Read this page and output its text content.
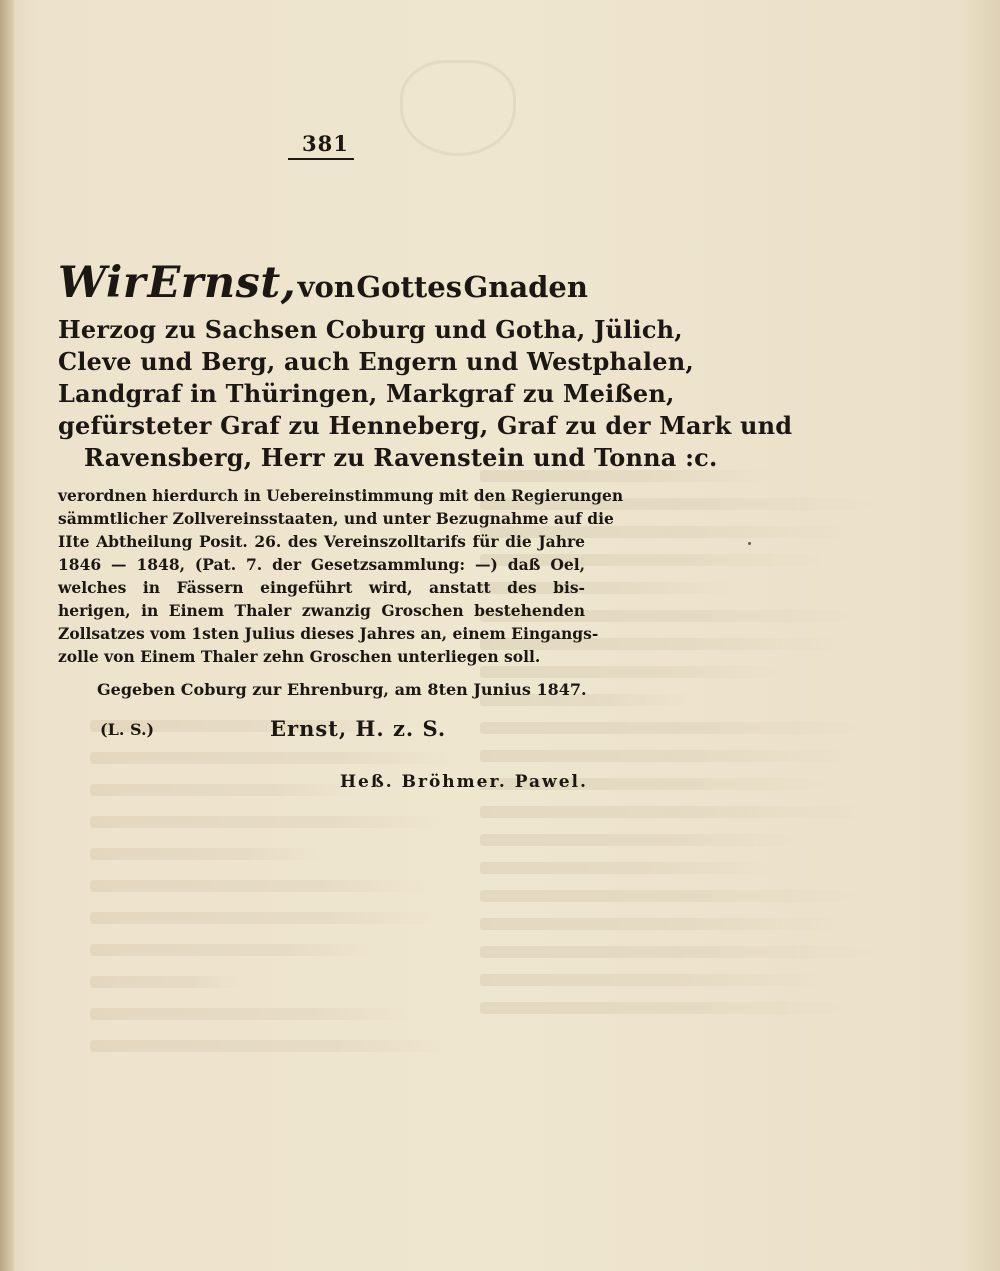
381
Wir Ernst, von Gottes Gnaden
Herzog zu Sachsen Coburg und Gotha, Jülich,
Cleve und Berg, auch Engern und Westphalen,
Landgraf in Thüringen, Markgraf zu Meißen,
gefürsteter Graf zu Henneberg, Graf zu der Mark und
Ravensberg, Herr zu Ravenstein und Tonna :c.
verordnen hierdurch in Uebereinstimmung mit den Regierungen
sämmtlicher Zollvereinsstaaten, und unter Bezugnahme auf die
IIte Abtheilung Posit. 26. des Vereinszolltarifs für die Jahre
1846 — 1848, (Pat. 7. der Gesetzsammlung: —) daß Oel,
welches in Fässern eingeführt wird, anstatt des bis-
herigen, in Einem Thaler zwanzig Groschen bestehenden
Zollsatzes vom 1sten Julius dieses Jahres an, einem Eingangs-
zolle von Einem Thaler zehn Groschen unterliegen soll.
Gegeben Coburg zur Ehrenburg, am 8ten Junius 1847.
(L. S.)	Ernst, H. z. S.
Heß. Bröhmer. Pawel.
